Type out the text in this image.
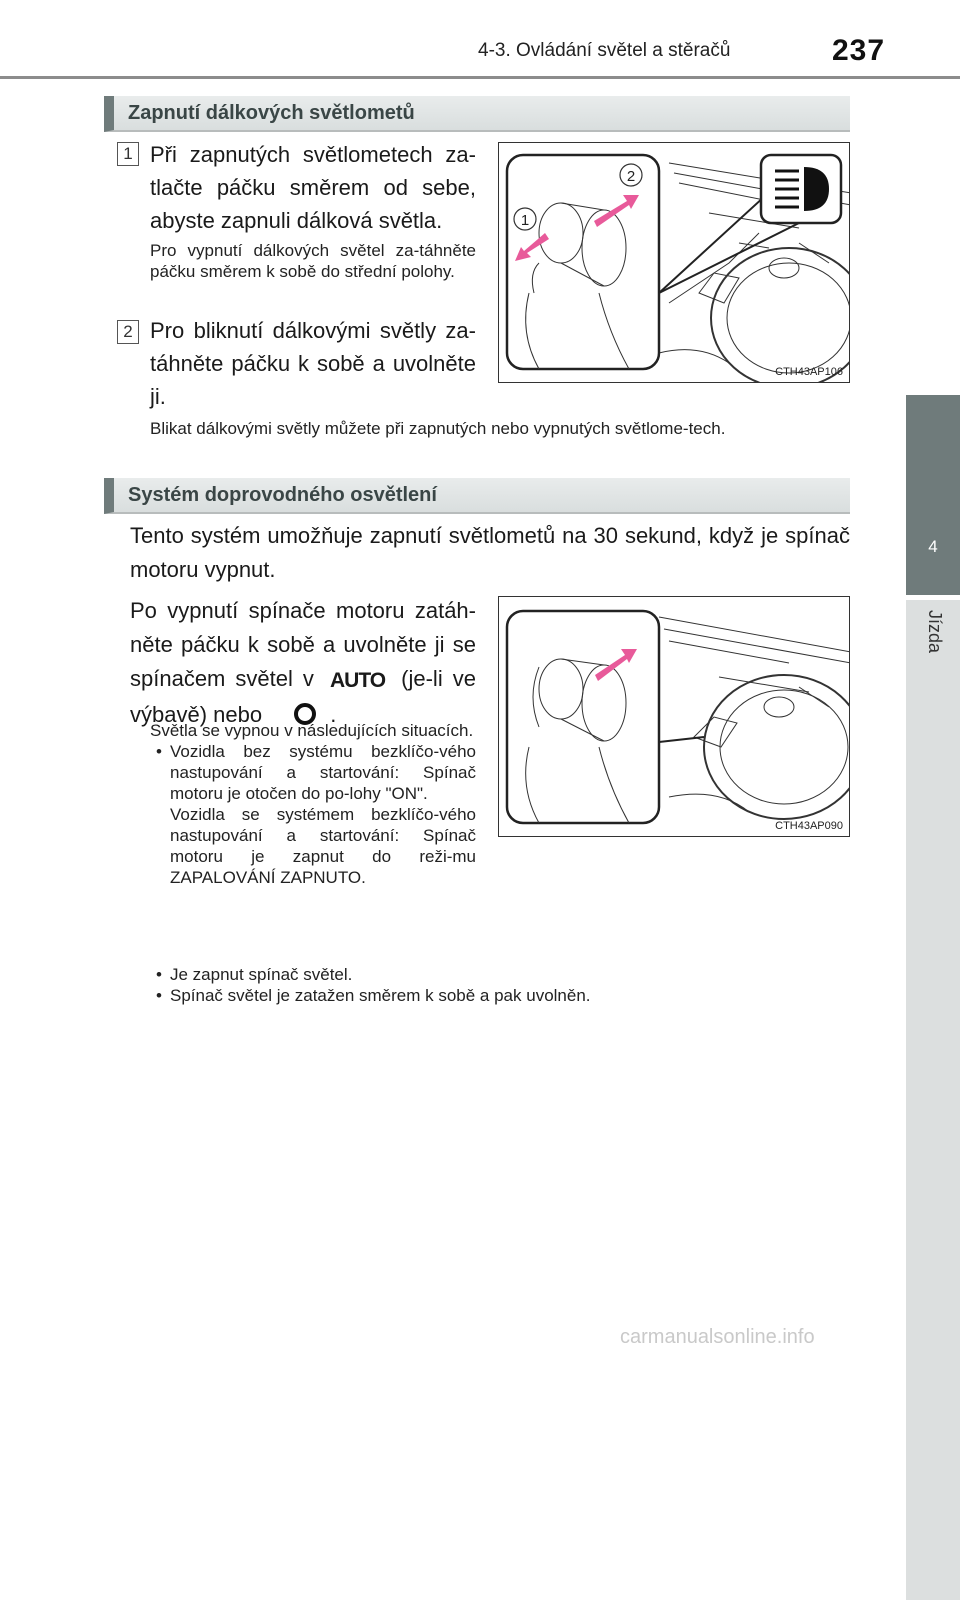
4-3. Ovládání světel a stěračů	237
4
Jízda
Zapnutí dálkových světlometů
1 Při zapnutých světlometech za-tlačte páčku směrem od sebe, abyste zapnuli dálková světla.
Pro vypnutí dálkových světel za-táhněte páčku směrem k sobě do střední polohy.
2 Pro bliknutí dálkovými světly za-táhněte páčku k sobě a uvolněte ji.
Blikat dálkovými světly můžete při zapnutých nebo vypnutých světlome-tech.
2
1
CTH43AP106
Systém doprovodného osvětlení
Tento systém umožňuje zapnutí světlometů na 30 sekund, když je spínač motoru vypnut.
Po vypnutí spínače motoru zatáh-něte páčku k sobě a uvolněte ji se spínačem světel v AUTO (je-li ve výbavě) nebo	.
Světla se vypnou v následujících situacích.
• Vozidla bez systému bezklíčo-vého nastupování a startování: Spínač motoru je otočen do po-lohy "ON".
Vozidla se systémem bezklíčo-vého nastupování a startování: Spínač motoru je zapnut do reži-mu ZAPALOVÁNÍ ZAPNUTO.
• Je zapnut spínač světel.
• Spínač světel je zatažen směrem k sobě a pak uvolněn.
CTH43AP090
carmanualsonline.info
